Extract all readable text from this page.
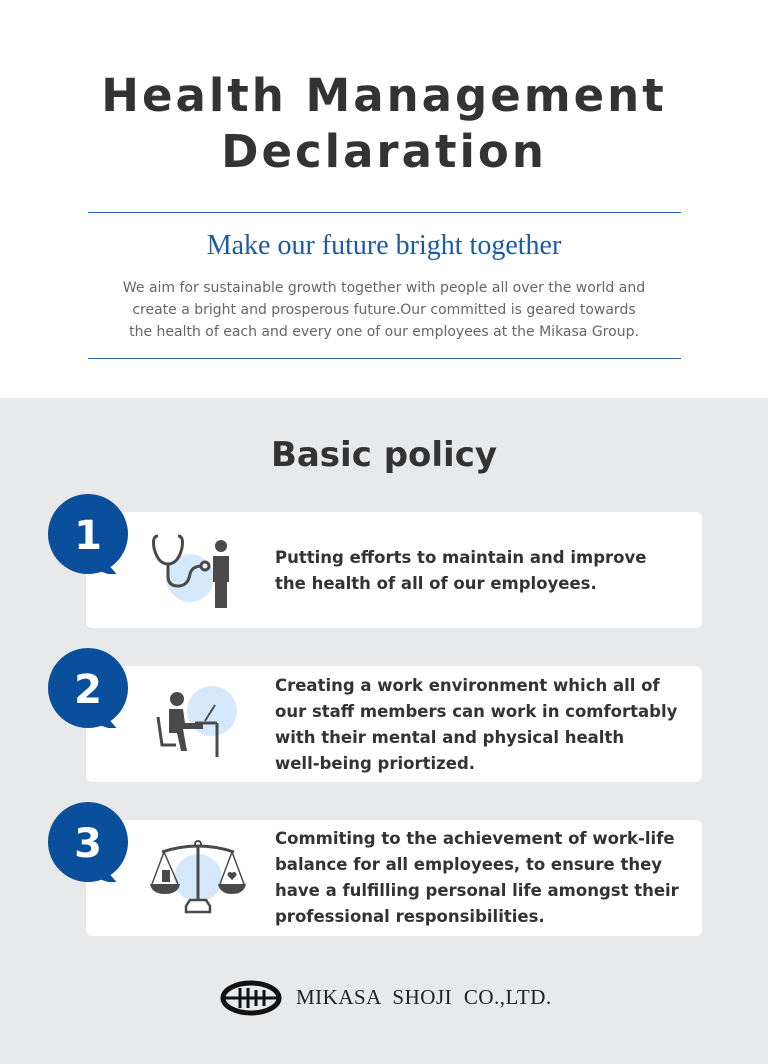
Health Management
Declaration
Make our future bright together
We aim for sustainable growth together with people all over the world and
create a bright and prosperous future.Our committed is geared towards
the health of each and every one of our employees at the Mikasa Group.
Basic policy
1	Putting efforts to maintain and improve
the health of all of our employees.
2	Creating a work environment which all of
our staff members can work in comfortably
with their mental and physical health
well-being priortized.
3	Commiting to the achievement of work-life
balance for all employees, to ensure they
have a fulfilling personal life amongst their
professional responsibilities.
MIKASA SHOJI CO.,LTD.
